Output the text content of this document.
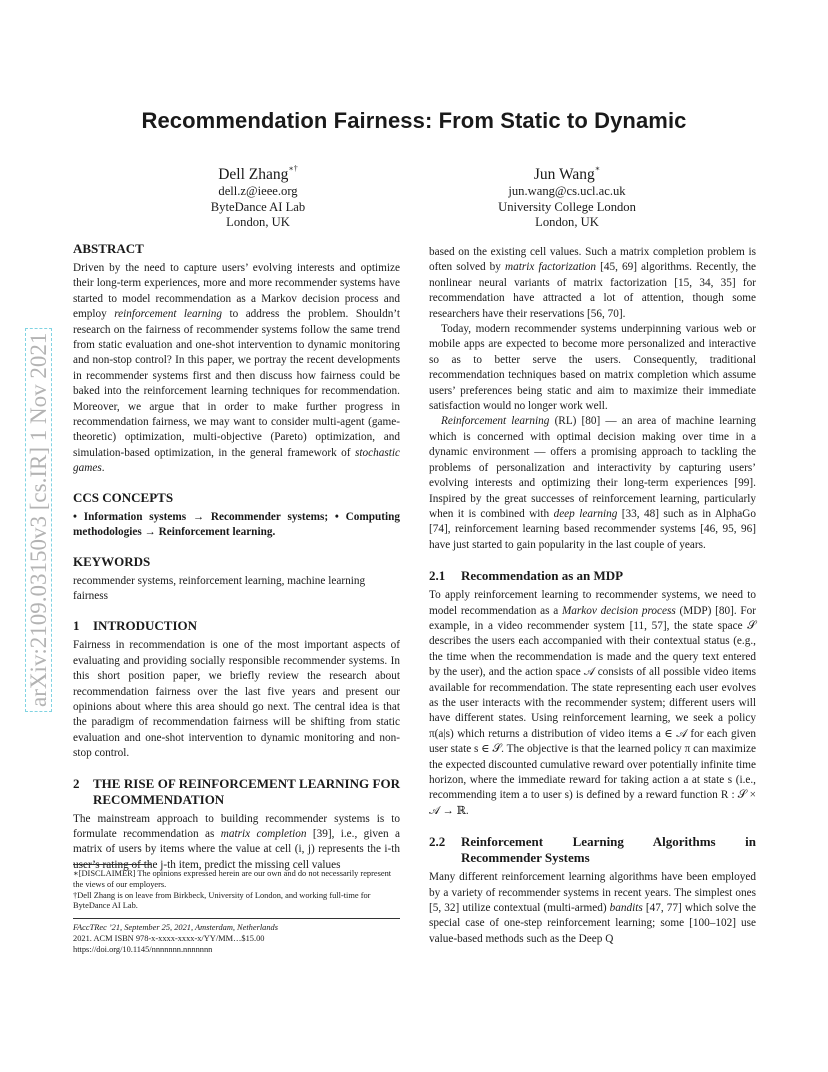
arXiv:2109.03150v3 [cs.IR] 1 Nov 2021
Recommendation Fairness: From Static to Dynamic
Dell Zhang∗†
dell.z@ieee.org
ByteDance AI Lab
London, UK
Jun Wang∗
jun.wang@cs.ucl.ac.uk
University College London
London, UK
ABSTRACT

Driven by the need to capture users’ evolving interests and optimize their long-term experiences, more and more recommender systems have started to model recommendation as a Markov decision process and employ reinforcement learning to address the problem. Shouldn’t research on the fairness of recommender systems follow the same trend from static evaluation and one-shot intervention to dynamic monitoring and non-stop control? In this paper, we portray the recent developments in recommender systems first and then discuss how fairness could be baked into the reinforcement learning techniques for recommendation. Moreover, we argue that in order to make further progress in recommendation fairness, we may want to consider multi-agent (game-theoretic) optimization, multi-objective (Pareto) optimization, and simulation-based optimization, in the general framework of stochastic games.

CCS CONCEPTS

• Information systems → Recommender systems; • Computing methodologies → Reinforcement learning.

KEYWORDS

recommender systems, reinforcement learning, machine learning fairness

1	INTRODUCTION

Fairness in recommendation is one of the most important aspects of evaluating and providing socially responsible recommender systems. In this short position paper, we briefly review the research about recommendation fairness over the last five years and present our opinions about where this area should go next. The central idea is that the paradigm of recommendation fairness will be shifting from static evaluation and one-shot intervention to dynamic monitoring and non-stop control.

2	THE RISE OF REINFORCEMENT LEARNING FOR RECOMMENDATION

The mainstream approach to building recommender systems is to formulate recommendation as matrix completion [39], i.e., given a matrix of users by items where the value at cell (i, j) represents the i-th user’s rating of the j-th item, predict the missing cell values

∗[DISCLAIMER] The opinions expressed herein are our own and do not necessarily represent the views of our employers.

†Dell Zhang is on leave from Birkbeck, University of London, and working full-time for ByteDance AI Lab.

FAccTRec ’21, September 25, 2021, Amsterdam, Netherlands

2021. ACM ISBN 978-x-xxxx-xxxx-x/YY/MM…$15.00

https://doi.org/10.1145/nnnnnnn.nnnnnnn

based on the existing cell values. Such a matrix completion problem is often solved by matrix factorization [45, 69] algorithms. Recently, the nonlinear neural variants of matrix factorization [15, 34, 35] for recommendation have attracted a lot of attention, though some researchers have their reservations [56, 70].

Today, modern recommender systems underpinning various web or mobile apps are expected to become more personalized and interactive so as to better serve the users. Consequently, traditional recommendation techniques based on matrix completion which assume users’ preferences being static and aim to maximize their immediate satisfaction would no longer work well.

Reinforcement learning (RL) [80] — an area of machine learning which is concerned with optimal decision making over time in a dynamic environment — offers a promising approach to tackling the problems of personalization and interactivity by capturing users’ evolving interests and optimizing their long-term experiences [99]. Inspired by the great successes of reinforcement learning, particularly when it is combined with deep learning [33, 48] such as in AlphaGo [74], reinforcement learning based recommender systems [46, 95, 96] have just started to gain popularity in the last couple of years.

2.1	Recommendation as an MDP

To apply reinforcement learning to recommender systems, we need to model recommendation as a Markov decision process (MDP) [80]. For example, in a video recommender system [11, 57], the state space 𝒮 describes the users each accompanied with their contextual status (e.g., the time when the recommendation is made and the query text entered by the user), and the action space 𝒜 consists of all possible video items available for recommendation. The state representing each user evolves as the user interacts with the recommender system; different users will have different states. Using reinforcement learning, we seek a policy π(a|s) which returns a distribution of video items a ∈ 𝒜 for each given user state s ∈ 𝒮. The objective is that the learned policy π can maximize the expected discounted cumulative reward over potentially infinite time horizon, where the immediate reward for taking action a at state s (i.e., recommending item a to user s) is defined by a reward function R : 𝒮 × 𝒜 → ℝ.

2.2	Reinforcement Learning Algorithms in Recommender Systems

Many different reinforcement learning algorithms have been employed by a variety of recommender systems in recent years. The simplest ones [5, 32] utilize contextual (multi-armed) bandits [47, 77] which solve the special case of one-step reinforcement learning; some [100–102] use value-based methods such as the Deep Q
